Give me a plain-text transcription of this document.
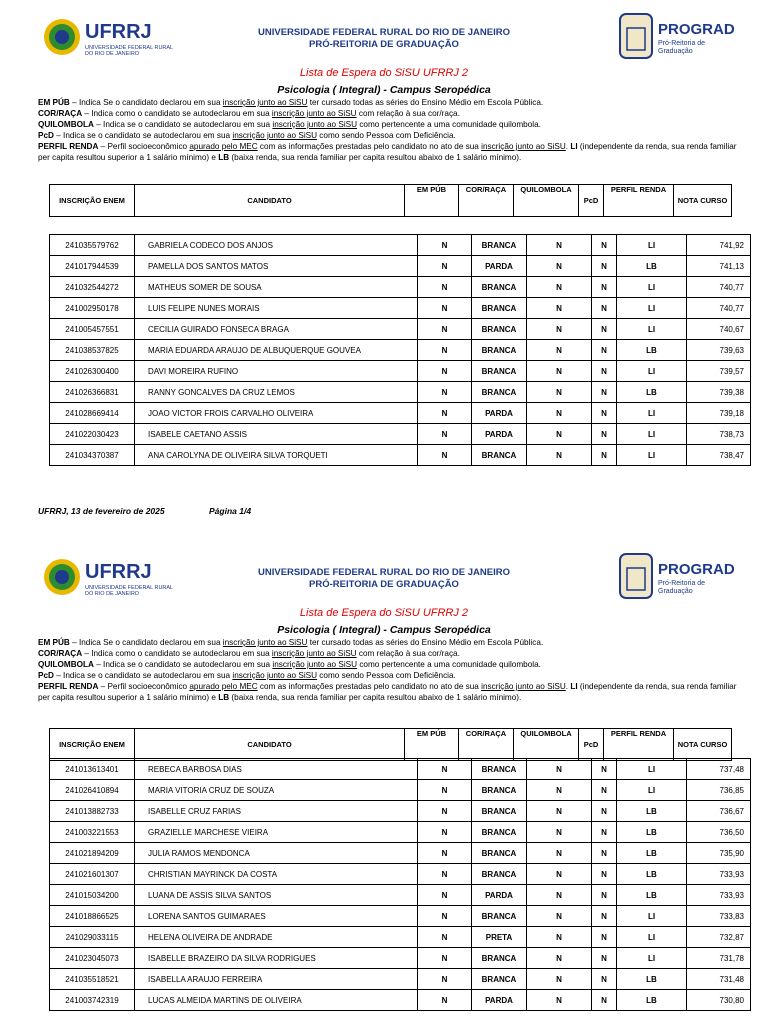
UFRRJ
UNIVERSIDADE FEDERAL RURAL
DO RIO DE JANEIRO
UNIVERSIDADE FEDERAL RURAL DO RIO DE JANEIRO
PRÓ-REITORIA DE GRADUAÇÃO
PROGRAD
Pró-Reitoria de
Graduação
Lista de Espera do SiSU UFRRJ 2
Psicologia ( Integral) - Campus Seropédica
EM PÚB – Indica Se o candidato declarou em sua inscrição junto ao SiSU ter cursado todas as séries do Ensino Médio em Escola Pública.
COR/RAÇA – Indica como o candidato se autodeclarou em sua inscrição junto ao SiSU com relação à sua cor/raça.
QUILOMBOLA – Indica se o candidato se autodeclarou em sua inscrição junto ao SiSU como pertencente a uma comunidade quilombola.
PcD – Indica se o candidato se autodeclarou em sua inscrição junto ao SiSU como sendo Pessoa com Deficiência.
PERFIL RENDA – Perfil socioeconômico apurado pelo MEC com as informações prestadas pelo candidato no ato de sua inscrição junto ao SiSU. LI (independente da renda, sua renda familiar per capita resultou superior a 1 salário mínimo) e LB (baixa renda, sua renda familiar per capita resultou abaixo de 1 salário mínimo).
INSCRIÇÃO ENEM	CANDIDATO	EM PÚB	COR/RAÇA	QUILOMBOLA	PcD	PERFIL RENDA	NOTA CURSO
241035579762	GABRIELA CODECO DOS ANJOS	N	BRANCA	N	N	LI	741,92
241017944539	PAMELLA DOS SANTOS MATOS	N	PARDA	N	N	LB	741,13
241032544272	MATHEUS SOMER DE SOUSA	N	BRANCA	N	N	LI	740,77
241002950178	LUIS FELIPE NUNES MORAIS	N	BRANCA	N	N	LI	740,77
241005457551	CECILIA GUIRADO FONSECA BRAGA	N	BRANCA	N	N	LI	740,67
241038537825	MARIA EDUARDA ARAUJO DE ALBUQUERQUE GOUVEA	N	BRANCA	N	N	LB	739,63
241026300400	DAVI MOREIRA RUFINO	N	BRANCA	N	N	LI	739,57
241026366831	RANNY GONCALVES DA CRUZ LEMOS	N	BRANCA	N	N	LB	739,38
241028669414	JOAO VICTOR FROIS CARVALHO OLIVEIRA	N	PARDA	N	N	LI	739,18
241022030423	ISABELE CAETANO ASSIS	N	PARDA	N	N	LI	738,73
241034370387	ANA CAROLYNA DE OLIVEIRA SILVA TORQUETI	N	BRANCA	N	N	LI	738,47
UFRRJ, 13 de fevereiro de 2025	Página 1/4
UFRRJ
UNIVERSIDADE FEDERAL RURAL
DO RIO DE JANEIRO
UNIVERSIDADE FEDERAL RURAL DO RIO DE JANEIRO
PRÓ-REITORIA DE GRADUAÇÃO
PROGRAD
Pró-Reitoria de
Graduação
Lista de Espera do SiSU UFRRJ 2
Psicologia ( Integral) - Campus Seropédica
EM PÚB – Indica Se o candidato declarou em sua inscrição junto ao SiSU ter cursado todas as séries do Ensino Médio em Escola Pública.
COR/RAÇA – Indica como o candidato se autodeclarou em sua inscrição junto ao SiSU com relação à sua cor/raça.
QUILOMBOLA – Indica se o candidato se autodeclarou em sua inscrição junto ao SiSU como pertencente a uma comunidade quilombola.
PcD – Indica se o candidato se autodeclarou em sua inscrição junto ao SiSU como sendo Pessoa com Deficiência.
PERFIL RENDA – Perfil socioeconômico apurado pelo MEC com as informações prestadas pelo candidato no ato de sua inscrição junto ao SiSU. LI (independente da renda, sua renda familiar per capita resultou superior a 1 salário mínimo) e LB (baixa renda, sua renda familiar per capita resultou abaixo de 1 salário mínimo).
INSCRIÇÃO ENEM	CANDIDATO	EM PÚB	COR/RAÇA	QUILOMBOLA	PcD	PERFIL RENDA	NOTA CURSO
241013613401	REBECA BARBOSA DIAS	N	BRANCA	N	N	LI	737,48
241026410894	MARIA VITORIA CRUZ DE SOUZA	N	BRANCA	N	N	LI	736,85
241013882733	ISABELLE CRUZ FARIAS	N	BRANCA	N	N	LB	736,67
241003221553	GRAZIELLE MARCHESE VIEIRA	N	BRANCA	N	N	LB	736,50
241021894209	JULIA RAMOS MENDONCA	N	BRANCA	N	N	LB	735,90
241021601307	CHRISTIAN MAYRINCK DA COSTA	N	BRANCA	N	N	LB	733,93
241015034200	LUANA DE ASSIS SILVA SANTOS	N	PARDA	N	N	LB	733,93
241018866525	LORENA SANTOS GUIMARAES	N	BRANCA	N	N	LI	733,83
241029033115	HELENA OLIVEIRA DE ANDRADE	N	PRETA	N	N	LI	732,87
241023045073	ISABELLE BRAZEIRO DA SILVA RODRIGUES	N	BRANCA	N	N	LI	731,78
241035518521	ISABELLA ARAUJO FERREIRA	N	BRANCA	N	N	LB	731,48
241003742319	LUCAS ALMEIDA MARTINS DE OLIVEIRA	N	PARDA	N	N	LB	730,80
